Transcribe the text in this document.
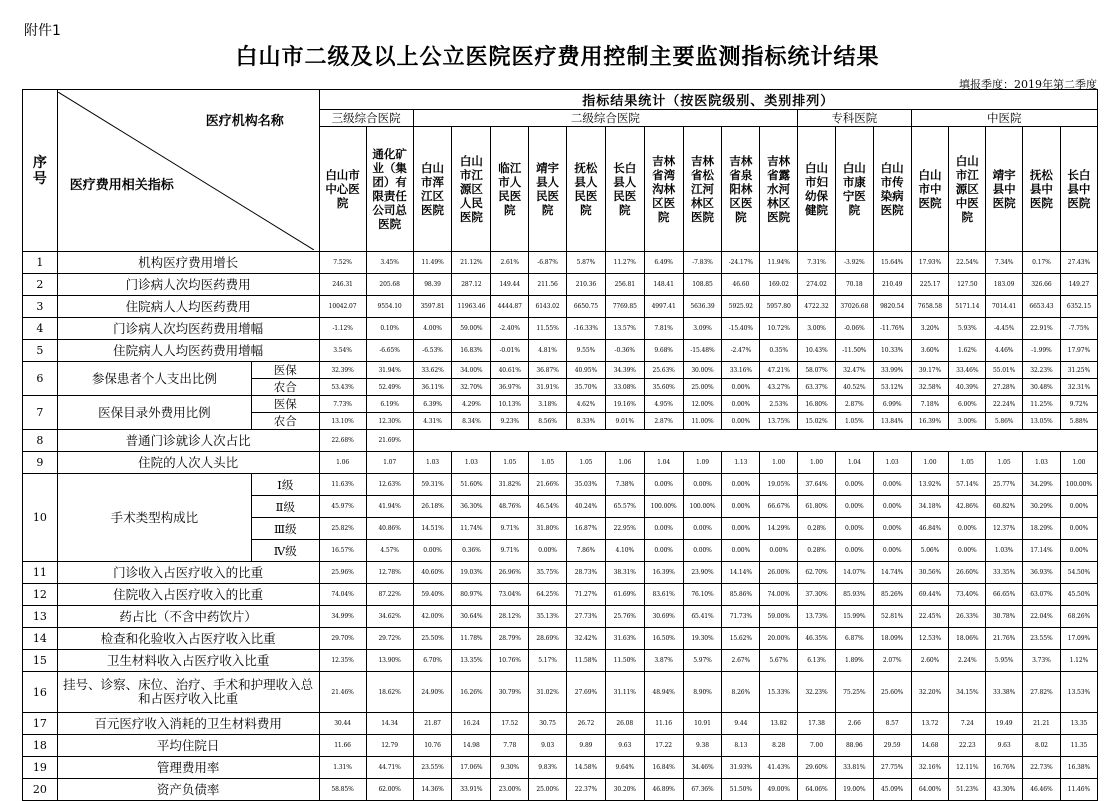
附件1
白山市二级及以上公立医院医疗费用控制主要监测指标统计结果
填报季度：2019年第二季度
序号	医疗机构名称
医疗费用相关指标		指标结果统计（按医院级别、类别排列）																			
			三级综合医院		二级综合医院										专科医院			中医院				
			白山市中心医院	通化矿业（集团）有限责任公司总医院	白山市浑江区医院	白山市江源区人民医院	临江市人民医院	靖宇县人民医院	抚松县人民医院	长白县人民医院	吉林省湾沟林区医院	吉林省松江河林区医院	吉林省泉阳林区医院	吉林省露水河林区医院	白山市妇幼保健院	白山市康宁医院	白山市传染病医院	白山市中医院	白山市江源区中医院	靖宇县中医院	抚松县中医院	长白县中医院
1	机构医疗费用增长		7.52%	3.45%	11.49%	21.12%	2.61%	-6.87%	5.87%	11.27%	6.49%	-7.83%	-24.17%	11.94%	7.31%	-3.92%	15.64%	17.93%	22.54%	7.34%	0.17%	27.43%
2	门诊病人次均医药费用		246.31	205.68	98.39	287.12	149.44	211.56	210.36	256.81	148.41	108.85	46.60	169.02	274.02	70.18	210.49	225.17	127.50	183.09	326.66	149.27
3	住院病人人均医药费用		10042.07	9554.10	3597.81	11963.46	4444.87	6143.02	6650.75	7769.85	4997.41	5636.39	5925.92	5957.80	4722.32	37026.68	9820.54	7658.58	5171.14	7014.41	6653.43	6352.15
4	门诊病人次均医药费用增幅		-1.12%	0.10%	4.00%	59.00%	-2.40%	11.55%	-16.33%	13.57%	7.81%	3.09%	-15.40%	10.72%	3.00%	-0.06%	-11.76%	3.20%	5.93%	-4.45%	22.91%	-7.75%
5	住院病人人均医药费用增幅		3.54%	-6.65%	-6.53%	16.83%	-0.01%	4.81%	9.55%	-0.36%	9.68%	-15.48%	-2.47%	0.35%	10.43%	-11.50%	10.33%	3.60%	1.62%	4.46%	-1.99%	17.97%
6	参保患者个人支出比例	医保	32.39%	31.94%	33.62%	34.00%	40.61%	36.87%	40.95%	34.39%	25.63%	30.00%	33.16%	47.21%	58.07%	32.47%	33.99%	39.17%	33.46%	55.01%	32.23%	31.25%
		农合	53.43%	52.49%	36.11%	32.70%	36.97%	31.91%	35.70%	33.08%	35.60%	25.00%	0.00%	43.27%	63.37%	40.52%	53.12%	32.58%	40.39%	27.28%	30.48%	32.31%
7	医保目录外费用比例	医保	7.73%	6.19%	6.39%	4.29%	10.13%	3.18%	4.62%	19.16%	4.95%	12.00%	0.00%	2.53%	16.80%	2.87%	6.99%	7.18%	6.00%	22.24%	11.25%	9.72%
		农合	13.10%	12.30%	4.31%	8.34%	9.23%	8.56%	8.33%	9.01%	2.87%	11.00%	0.00%	13.75%	15.02%	1.05%	13.84%	16.39%	3.00%	5.86%	13.05%	5.88%
8	普通门诊就诊人次占比		22.68%	21.69%																		
9	住院的人次人头比		1.06	1.07	1.03	1.03	1.05	1.05	1.05	1.06	1.04	1.09	1.13	1.00	1.00	1.04	1.03	1.00	1.05	1.05	1.03	1.00
10	手术类型构成比	Ⅰ级	11.63%	12.63%	59.31%	51.60%	31.82%	21.66%	35.03%	7.38%	0.00%	0.00%	0.00%	19.05%	37.64%	0.00%	0.00%	13.92%	57.14%	25.77%	34.29%	100.00%
		Ⅱ级	45.97%	41.94%	26.18%	36.30%	48.76%	46.54%	40.24%	65.57%	100.00%	100.00%	0.00%	66.67%	61.80%	0.00%	0.00%	34.18%	42.86%	60.82%	30.29%	0.00%
		Ⅲ级	25.82%	40.86%	14.51%	11.74%	9.71%	31.80%	16.87%	22.95%	0.00%	0.00%	0.00%	14.29%	0.28%	0.00%	0.00%	46.84%	0.00%	12.37%	18.29%	0.00%
		Ⅳ级	16.57%	4.57%	0.00%	0.36%	9.71%	0.00%	7.86%	4.10%	0.00%	0.00%	0.00%	0.00%	0.28%	0.00%	0.00%	5.06%	0.00%	1.03%	17.14%	0.00%
11	门诊收入占医疗收入的比重		25.96%	12.78%	40.60%	19.03%	26.96%	35.75%	28.73%	38.31%	16.39%	23.90%	14.14%	26.00%	62.70%	14.07%	14.74%	30.56%	26.60%	33.35%	36.93%	54.50%
12	住院收入占医疗收入的比重		74.04%	87.22%	59.40%	80.97%	73.04%	64.25%	71.27%	61.69%	83.61%	76.10%	85.86%	74.00%	37.30%	85.93%	85.26%	69.44%	73.40%	66.65%	63.07%	45.50%
13	药占比（不含中药饮片）		34.99%	34.62%	42.00%	30.64%	28.12%	35.13%	27.73%	25.76%	30.69%	65.41%	71.73%	59.00%	13.73%	15.99%	52.81%	22.45%	26.33%	30.78%	22.04%	68.26%
14	检查和化验收入占医疗收入比重		29.70%	29.72%	25.50%	11.78%	28.79%	28.69%	32.42%	31.63%	16.50%	19.30%	15.62%	20.00%	46.35%	6.87%	18.09%	12.53%	18.06%	21.76%	23.55%	17.09%
15	卫生材料收入占医疗收入比重		12.35%	13.90%	6.70%	13.35%	10.76%	5.17%	11.58%	11.50%	3.87%	5.97%	2.67%	5.67%	6.13%	1.89%	2.07%	2.60%	2.24%	5.95%	3.73%	1.12%
16	挂号、诊察、床位、治疗、手术和护理收入总和占医疗收入比重		21.46%	18.62%	24.90%	16.26%	30.79%	31.02%	27.69%	31.11%	48.94%	8.90%	8.26%	15.33%	32.23%	75.25%	25.60%	32.20%	34.15%	33.38%	27.82%	13.53%
17	百元医疗收入消耗的卫生材料费用		30.44	14.34	21.87	16.24	17.52	30.75	26.72	26.08	11.16	10.91	9.44	13.82	17.38	2.66	8.57	13.72	7.24	19.49	21.21	13.35
18	平均住院日		11.66	12.79	10.76	14.98	7.78	9.03	9.89	9.63	17.22	9.38	8.13	8.28	7.00	88.96	29.59	14.68	22.23	9.63	8.02	11.35
19	管理费用率		1.31%	44.71%	23.55%	17.06%	9.30%	9.83%	14.58%	9.64%	16.84%	34.46%	31.93%	41.43%	29.60%	33.81%	27.75%	32.16%	12.11%	16.76%	22.73%	16.38%
20	资产负债率		58.85%	62.00%	14.36%	33.91%	23.00%	25.00%	22.37%	30.20%	46.89%	67.36%	51.50%	49.00%	64.06%	19.00%	45.09%	64.00%	51.23%	43.30%	46.46%	11.46%
